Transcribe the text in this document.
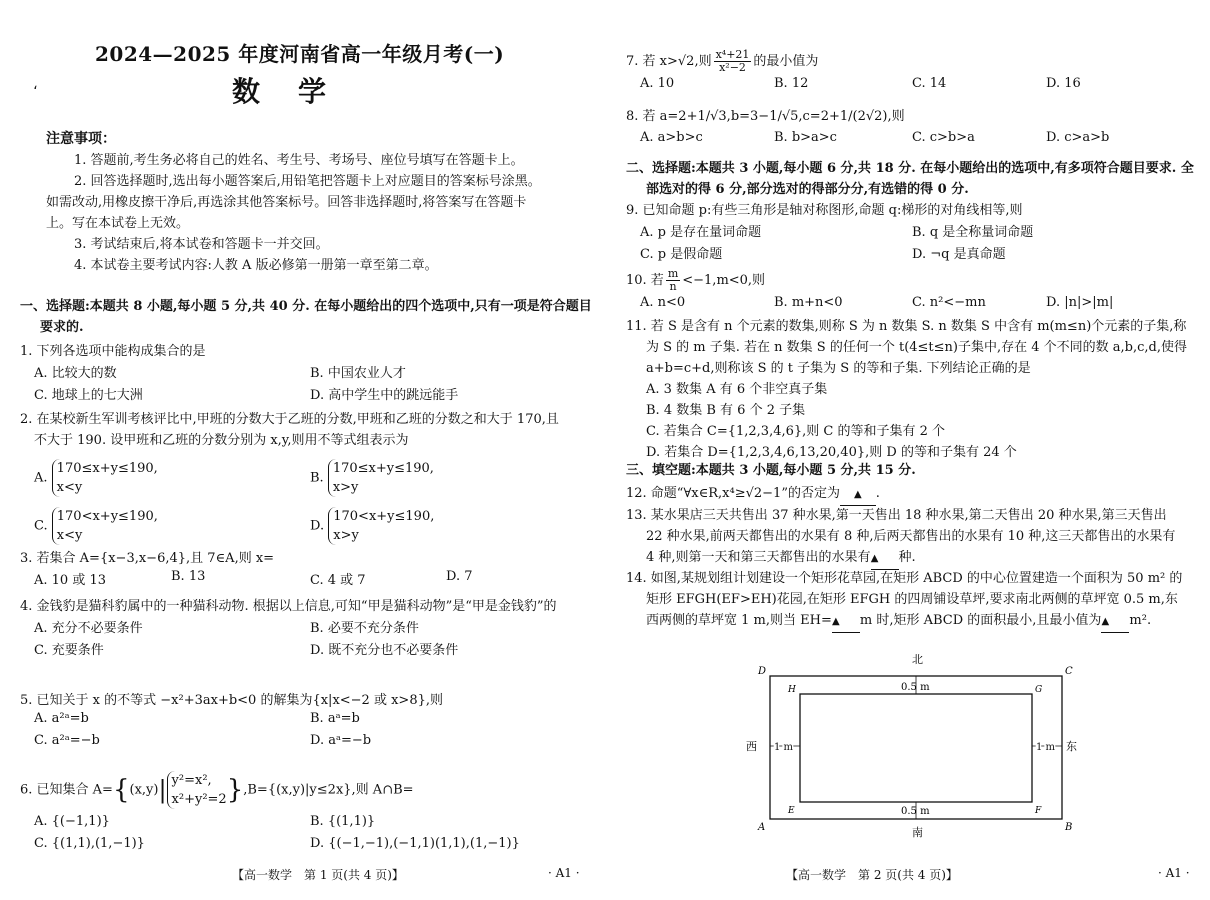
2024—2025 年度河南省高一年级月考(一)
،	数学
注意事项：
1. 答题前,考生务必将自己的姓名、考生号、考场号、座位号填写在答题卡上。
2. 回答选择题时,选出每小题答案后,用铅笔把答题卡上对应题目的答案标号涂黑。如需改动,用橡皮擦干净后,再选涂其他答案标号。回答非选择题时,将答案写在答题卡上。写在本试卷上无效。
3. 考试结束后,将本试卷和答题卡一并交回。
4. 本试卷主要考试内容:人教 A 版必修第一册第一章至第二章。
一、选择题:本题共 8 小题,每小题 5 分,共 40 分. 在每小题给出的四个选项中,只有一项是符合题目要求的.
1. 下列各选项中能构成集合的是
A. 比较大的数	B. 中国农业人才
C. 地球上的七大洲	D. 高中学生中的跳远能手
2. 在某校新生军训考核评比中,甲班的分数大于乙班的分数,甲班和乙班的分数之和大于 170,且不大于 190. 设甲班和乙班的分数分别为 x,y,则用不等式组表示为
A. 170≤x+y≤190,
x<y
B. 170≤x+y≤190,
x>y
C. 170<x+y≤190,
x<y
D. 170<x+y≤190,
x>y
3. 若集合 A={x−3,x−6,4},且 7∈A,则 x=
A. 10 或 13	B. 13	C. 4 或 7	D. 7
4. 金钱豹是猫科豹属中的一种猫科动物. 根据以上信息,可知“甲是猫科动物”是“甲是金钱豹”的
A. 充分不必要条件	B. 必要不充分条件
C. 充要条件	D. 既不充分也不必要条件
5. 已知关于 x 的不等式 −x²+3ax+b<0 的解集为{x|x<−2 或 x>8},则
A. a²ᵃ=b	B. aᵃ=b
C. a²ᵃ=−b	D. aᵃ=−b
6. 已知集合 A={(x,y)| y²=x²,
x²+y²=2},B={(x,y)|y≤2x},则 A∩B=
A. {(−1,1)}	B. {(1,1)}
C. {(1,1),(1,−1)}	D. {(−1,−1),(−1,1)(1,1),(1,−1)}
【高一数学　第 1 页(共 4 页)】	· A1 ·
7. 若 x>√2,则 $\frac{\text{x⁴+21}}{\text{x²−2}}$ 的最小值为
A. 10	B. 12	C. 14	D. 16
8. 若 a=2+1/√3,b=3−1/√5,c=2+1/(2√2),则
A. a>b>c	B. b>a>c	C. c>b>a	D. c>a>b
二、选择题:本题共 3 小题,每小题 6 分,共 18 分. 在每小题给出的选项中,有多项符合题目要求. 全部选对的得 6 分,部分选对的得部分分,有选错的得 0 分.
9. 已知命题 p:有些三角形是轴对称图形,命题 q:梯形的对角线相等,则
A. p 是存在量词命题	B. q 是全称量词命题
C. p 是假命题	D. ¬q 是真命题
10. 若 $\frac{m}{n} <-1,m<0$,则
A. n<0	B. m+n<0	C. n²<−mn	D. |n|>|m|
11. 若 S 是含有 n 个元素的数集,则称 S 为 n 数集 S. n 数集 S 中含有 m(m≤n)个元素的子集,称为 S 的 m 子集. 若在 n 数集 S 的任何一个 t(4≤t≤n)子集中,存在 4 个不同的数 a,b,c,d,使得 a+b=c+d,则称该 S 的 t 子集为 S 的等和子集. 下列结论正确的是
A. 3 数集 A 有 6 个非空真子集
B. 4 数集 B 有 6 个 2 子集
C. 若集合 C={1,2,3,4,6},则 C 的等和子集有 2 个
D. 若集合 D={1,2,3,4,6,13,20,40},则 D 的等和子集有 24 个
三、填空题:本题共 3 小题,每小题 5 分,共 15 分.
12. 命题“∀x∈R,x⁴≥√2−1”的否定为 ▲ .
13. 某水果店三天共售出 37 种水果,第一天售出 18 种水果,第二天售出 20 种水果,第三天售出 22 种水果,前两天都售出的水果有 8 种,后两天都售出的水果有 10 种,这三天都售出的水果有 4 种,则第一天和第三天都售出的水果有▲ 种.
14. 如图,某规划组计划建设一个矩形花草园,在矩形 ABCD 的中心位置建造一个面积为 50 m² 的矩形 EFGH(EF>EH)花园,在矩形 EFGH 的四周铺设草坪,要求南北两侧的草坪宽 0.5 m,东西两侧的草坪宽 1 m,则当 EH=▲ m 时,矩形 ABCD 的面积最小,且最小值为▲ m².
北
南
西	东
0.5 m
0.5 m
1 m	1 m
D	C
A	B
H	G
E	F
【高一数学　第 2 页(共 4 页)】	· A1 ·
